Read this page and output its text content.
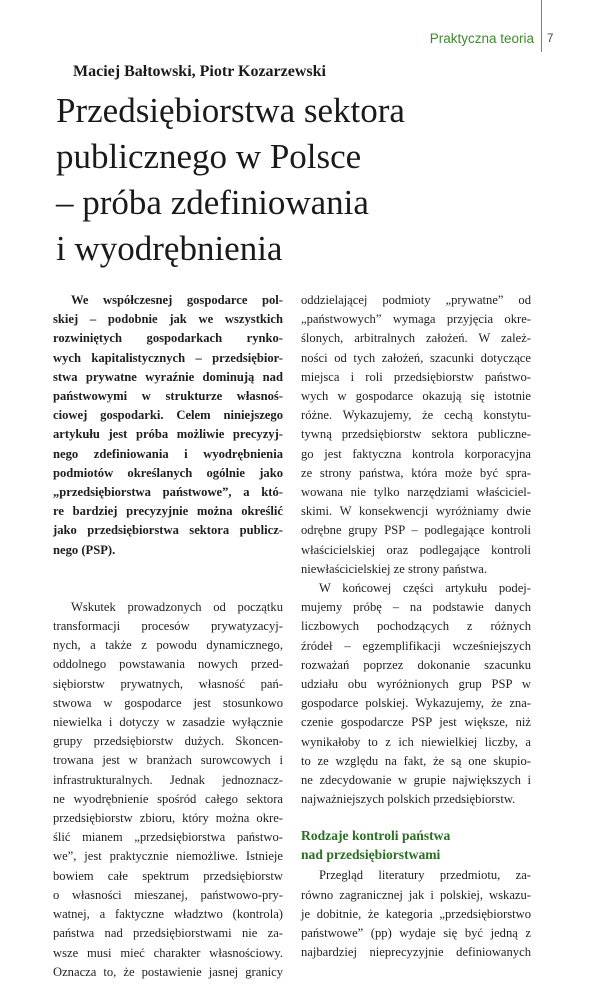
Praktyczna teoria 7

Maciej Bałtowski, Piotr Kozarzewski

Przedsiębiorstwa sektora
publicznego w Polsce
– próba zdefiniowania
i wyodrębnienia
We współczesnej gospodarce pol-
skiej – podobnie jak we wszystkich
rozwiniętych gospodarkach rynko-
wych kapitalistycznych – przedsiębior-
stwa prywatne wyraźnie dominują nad
państwowymi w strukturze własnoś-
ciowej gospodarki. Celem niniejszego
artykułu jest próba możliwie precyzyj-
nego zdefiniowania i wyodrębnienia
podmiotów określanych ogólnie jako
„przedsiębiorstwa państwowe”, a któ-
re bardziej precyzyjnie można określić
jako przedsiębiorstwa sektora publicz-
nego (PSP).
Wskutek prowadzonych od początku
transformacji procesów prywatyzacyj-
nych, a także z powodu dynamicznego,
oddolnego powstawania nowych przed-
siębiorstw prywatnych, własność pań-
stwowa w gospodarce jest stosunkowo
niewielka i dotyczy w zasadzie wyłącznie
grupy przedsiębiorstw dużych. Skoncen-
trowana jest w branżach surowcowych i
infrastrukturalnych. Jednak jednoznacz-
ne wyodrębnienie spośród całego sektora
przedsiębiorstw zbioru, który można okre-
ślić mianem „przedsiębiorstwa państwo-
we”, jest praktycznie niemożliwe. Istnieje
bowiem całe spektrum przedsiębiorstw
o własności mieszanej, państwowo-pry-
watnej, a faktyczne władztwo (kontrola)
państwa nad przedsiębiorstwami nie za-
wsze musi mieć charakter własnościowy.
Oznacza to, że postawienie jasnej granicy
oddzielającej podmioty „prywatne” od
„państwowych” wymaga przyjęcia okre-
ślonych, arbitralnych założeń. W zależ-
ności od tych założeń, szacunki dotyczące
miejsca i roli przedsiębiorstw państwo-
wych w gospodarce okazują się istotnie
różne. Wykazujemy, że cechą konstytu-
tywną przedsiębiorstw sektora publiczne-
go jest faktyczna kontrola korporacyjna
ze strony państwa, która może być spra-
wowana nie tylko narzędziami właściciel-
skimi. W konsekwencji wyróżniamy dwie
odrębne grupy PSP – podlegające kontroli
właścicielskiej oraz podlegające kontroli
niewłaścicielskiej ze strony państwa.
W końcowej części artykułu podej-
mujemy próbę – na podstawie danych
liczbowych pochodzących z różnych
źródeł – egzemplifikacji wcześniejszych
rozważań poprzez dokonanie szacunku
udziału obu wyróżnionych grup PSP w
gospodarce polskiej. Wykazujemy, że zna-
czenie gospodarcze PSP jest większe, niż
wynikałoby to z ich niewielkiej liczby, a
to ze względu na fakt, że są one skupio-
ne zdecydowanie w grupie największych i
najważniejszych polskich przedsiębiorstw.
Rodzaje kontroli państwa
nad przedsiębiorstwami
Przegląd literatury przedmiotu, za-
równo zagranicznej jak i polskiej, wskazu-
je dobitnie, że kategoria „przedsiębiorstwo
państwowe” (pp) wydaje się być jedną z
najbardziej nieprecyzyjnie definiowanych
